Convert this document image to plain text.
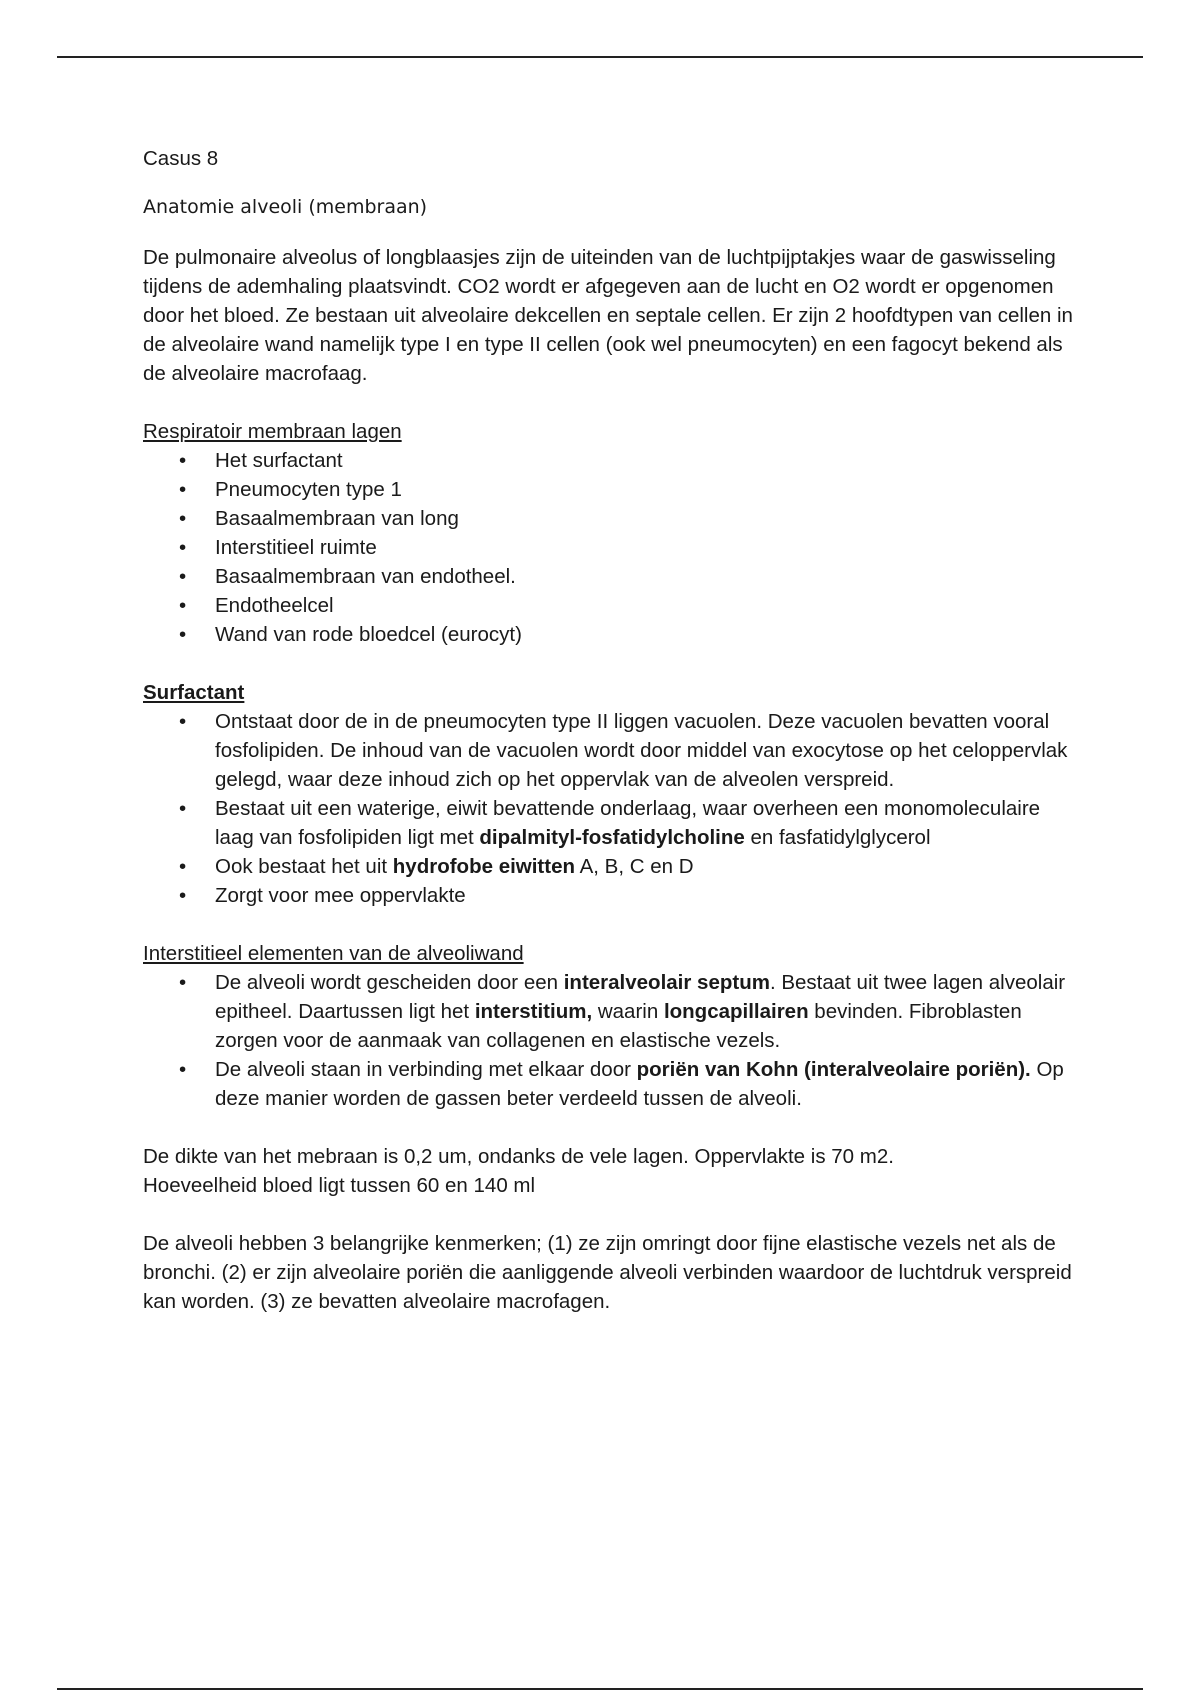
Casus 8

Anatomie alveoli (membraan)

De pulmonaire alveolus of longblaasjes zijn de uiteinden van de luchtpijptakjes waar de gaswisseling tijdens de ademhaling plaatsvindt. CO2 wordt er afgegeven aan de lucht en O2 wordt er opgenomen door het bloed. Ze bestaan uit alveolaire dekcellen en septale cellen. Er zijn 2 hoofdtypen van cellen in de alveolaire wand namelijk type I en type II cellen (ook wel pneumocyten) en een fagocyt bekend als de alveolaire macrofaag.

Respiratoir membraan lagen

• Het surfactant
• Pneumocyten type 1
• Basaalmembraan van long
• Interstitieel ruimte
• Basaalmembraan van endotheel.
• Endotheelcel
• Wand van rode bloedcel (eurocyt)

Surfactant

• Ontstaat door de in de pneumocyten type II liggen vacuolen. Deze vacuolen bevatten vooral fosfolipiden. De inhoud van de vacuolen wordt door middel van exocytose op het celoppervlak gelegd, waar deze inhoud zich op het oppervlak van de alveolen verspreid.
• Bestaat uit een waterige, eiwit bevattende onderlaag, waar overheen een monomoleculaire laag van fosfolipiden ligt met dipalmityl-fosfatidylcholine en fasfatidylglycerol
• Ook bestaat het uit hydrofobe eiwitten A, B, C en D
• Zorgt voor mee oppervlakte

Interstitieel elementen van de alveoliwand

• De alveoli wordt gescheiden door een interalveolair septum. Bestaat uit twee lagen alveolair epitheel. Daartussen ligt het interstitium, waarin longcapillairen bevinden. Fibroblasten zorgen voor de aanmaak van collagenen en elastische vezels.
• De alveoli staan in verbinding met elkaar door poriën van Kohn (interalveolaire poriën). Op deze manier worden de gassen beter verdeeld tussen de alveoli.

De dikte van het mebraan is 0,2 um, ondanks de vele lagen. Oppervlakte is 70 m2.

Hoeveelheid bloed ligt tussen 60 en 140 ml

De alveoli hebben 3 belangrijke kenmerken; (1) ze zijn omringt door fijne elastische vezels net als de bronchi. (2) er zijn alveolaire poriën die aanliggende alveoli verbinden waardoor de luchtdruk verspreid kan worden. (3) ze bevatten alveolaire macrofagen.
